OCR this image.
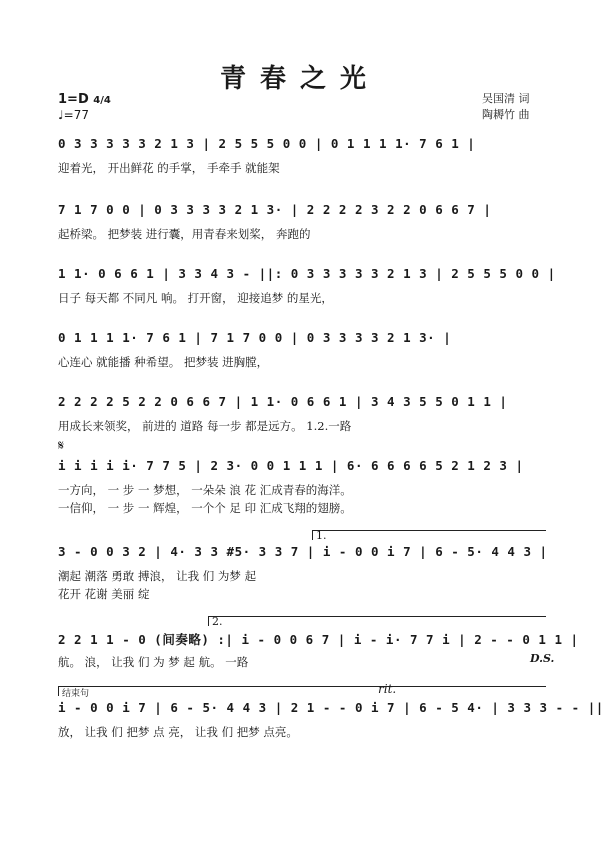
青春之光
1=D 4/4
♩=77
吴国清 词
陶耨竹 曲
0 3 3 3 3 3 2 1 3 | 2 5 5 5 0 0 | 0 1 1 1 1· 7 6 1 |
迎着光， 开出鲜花 的手掌， 手牵手 就能架
7 1 7 0 0 | 0 3 3 3 3 2 1 3· | 2 2 2 2 3 2 2 0 6 6 7 |
起桥梁。 把梦装 进行囊，用青春来划桨， 奔跑的
1 1· 0 6 6 1 | 3 3 4 3 - ||: 0 3 3 3 3 3 2 1 3 | 2 5 5 5 0 0 |
日子 每天都 不同凡 响。 打开窗， 迎接追梦 的星光，
0 1 1 1 1· 7 6 1 | 7 1 7 0 0 | 0 3 3 3 3 2 1 3· |
心连心 就能播 种希望。 把梦装 进胸膛，
2 2 2 2 5 2 2 0 6 6 7 | 1 1· 0 6 6 1 | 3 4 3 5 5 0 1 1 |
用成长来领奖， 前进的 道路 每一步 都是远方。 1.2.一路
𝄋
i i i i i· 7 7 5 | 2 3· 0 0 1 1 1 | 6· 6 6 6 6 5 2 1 2 3 |
一方向， 一 步 一 梦想， 一朵朵 浪 花 汇成青春的海洋。
一信仰， 一 步 一 辉煌， 一个个 足 印 汇成飞翔的翅膀。
1.
3 - 0 0 3 2 | 4· 3 3 #5· 3 3 7 | i - 0 0 i 7 | 6 - 5· 4 4 3 |
潮起 潮落 勇敢 搏浪， 让我 们 为梦 起
花开 花谢 美丽 绽
2.
2 2 1 1 - 0 (间奏略) :| i - 0 0 6 7 | i - i· 7 7 i | 2 - - 0 1 1 |
航。 浪， 让我 们 为 梦 起 航。 一路	D.S.
结束句	rit.
i - 0 0 i 7 | 6 - 5· 4 4 3 | 2 1 - - 0 i 7 | 6 - 5 4· | 3 3 3 - - ||
放， 让我 们 把梦 点 亮， 让我 们 把梦 点亮。
